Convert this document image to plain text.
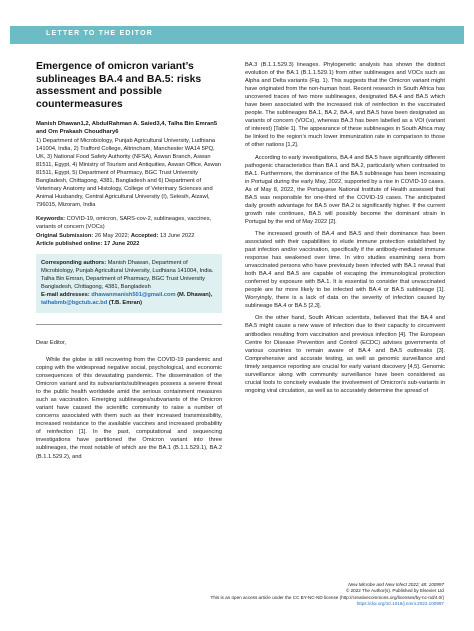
LETTER TO THE EDITOR
Emergence of omicron variant’s sublineages BA.4 and BA.5: risks assessment and possible countermeasures
Manish Dhawan1,2, AbdulRahman A. Saied3,4, Talha Bin Emran5 and Om Prakash Choudhary6
1) Department of Microbiology, Punjab Agricultural University, Ludhiana 141004, India, 2) Trafford College, Altrincham, Manchester WA14 5PQ, UK, 3) National Food Safety Authority (NFSA), Aswan Branch, Aswan 81511, Egypt, 4) Ministry of Tourism and Antiquities, Aswan Office, Aswan 81511, Egypt, 5) Department of Pharmacy, BGC Trust University Bangladesh, Chittagong, 4381, Bangladesh and 6) Department of Veterinary Anatomy and Histology, College of Veterinary Sciences and Animal Husbandry, Central Agricultural University (I), Selesih, Aizawl, 796015, Mizoram, India
Keywords: COVID-19, omicron, SARS-cov-2, sublineages, vaccines, variants of concern (VOCs)
Original Submission: 26 May 2022; Accepted: 13 June 2022
Article published online: 17 June 2022
Corresponding authors: Manish Dhawan, Department of Microbiology, Punjab Agricultural University, Ludhiana 141004, India. Talha Bin Emran, Department of Pharmacy, BGC Trust University Bangladesh, Chittagong, 4381, Bangladesh
E-mail addresses: dhawanmanish501@gmail.com (M. Dhawan), talhabmb@bgctub.ac.bd (T.B. Emran)
Dear Editor,
While the globe is still recovering from the COVID-19 pandemic and coping with the widespread negative social, psychological, and economic consequences of this devastating pandemic. The dissemination of the Omicron variant and its subvariants/sublineages possess a severe threat to the public health worldwide amid the serious containment measures such as vaccination. Emerging sublineages/subvariants of the Omicron variant have caused the scientific community to raise a number of concerns associated with them such as their increased transmissibility, increased resistance to the available vaccines and increased probability of reinfection [1]. In the past, computational and sequencing investigations have partitioned the Omicron variant into three sublineages, the most notable of which are the BA.1 (B.1.1.529.1), BA.2 (B.1.1.529.2), and
BA.3 (B.1.1.529.3) lineages. Phylogenetic analysis has shown the distinct evolution of the BA.1 (B.1.1.529.1) from other sublineages and VOCs such as Alpha and Delta variants (Fig. 1). This suggests that the Omicron variant might have originated from the non-human host. Recent research in South Africa has uncovered traces of two more sublineages, designated BA.4 and BA.5 which have been associated with the increased risk of reinfection in the vaccinated people. The sublineages BA.1, BA.2, BA.4, and BA.5 have been designated as variants of concern (VOCs), whereas BA.3 has been labelled as a VOI (variant of interest) [Table 1]. The appearance of these sublineages in South Africa may be linked to the region’s much lower immunization rate in comparison to those of other nations [1,2].
According to early investigations, BA.4 and BA.5 have significantly different pathogenic characteristics than BA.1 and BA.2, particularly when contrasted to BA.1. Furthermore, the dominance of the BA.5 sublineage has been increasing in Portugal during the early May, 2022, supported by a rise in COVID-19 cases. As of May 8, 2022, the Portuguese National Institute of Health assessed that BA.5 was responsible for one-third of the COVID-19 cases. The anticipated daily growth advantage for BA.5 over BA.2 is significantly higher. If the current growth rate continues, BA.5 will possibly become the dominant strain in Portugal by the end of May 2022 [2].
The increased growth of BA.4 and BA.5 and their dominance has been associated with their capabilities to elude immune protection established by past infection and/or vaccination, specifically if the antibody-mediated immune response has weakened over time. In vitro studies examining sera from unvaccinated persons who have previously been infected with BA.1 reveal that both BA.4 and BA.5 are capable of escaping the immunological protection conferred by exposure with BA.1. It is essential to consider that unvaccinated people are far more likely to be infected with BA.4 or BA.5 sublineage [1]. Worryingly, there is a lack of data on the severity of infection caused by sublineage BA.4 or BA.5 [2,3].
On the other hand, South African scientists, believed that the BA.4 and BA.5 might cause a new wave of infection due to their capacity to circumvent antibodies resulting from vaccination and previous infection [4]. The European Centre for Disease Prevention and Control (ECDC) advises governments of various countries to remain aware of BA.4 and BA.5 outbreaks [3]. Comprehensive and accurate testing, as well as genomic surveillance and timely sequence reporting are crucial for early variant discovery [4,5]. Genomic surveillance along with community surveillance have been considered as crucial tools to concisely evaluate the involvement of Omicron’s sub-variants in ongoing viral circulation, as well as to accurately determine the spread of
New Microbe and New Infect 2022; 48: 100997
© 2022 The Author(s). Published by Elsevier Ltd
This is an open access article under the CC BY-NC-ND license (http://creativecommons.org/licenses/by-nc-nd/4.0/)
https://doi.org/10.1016/j.nmni.2022.100997
